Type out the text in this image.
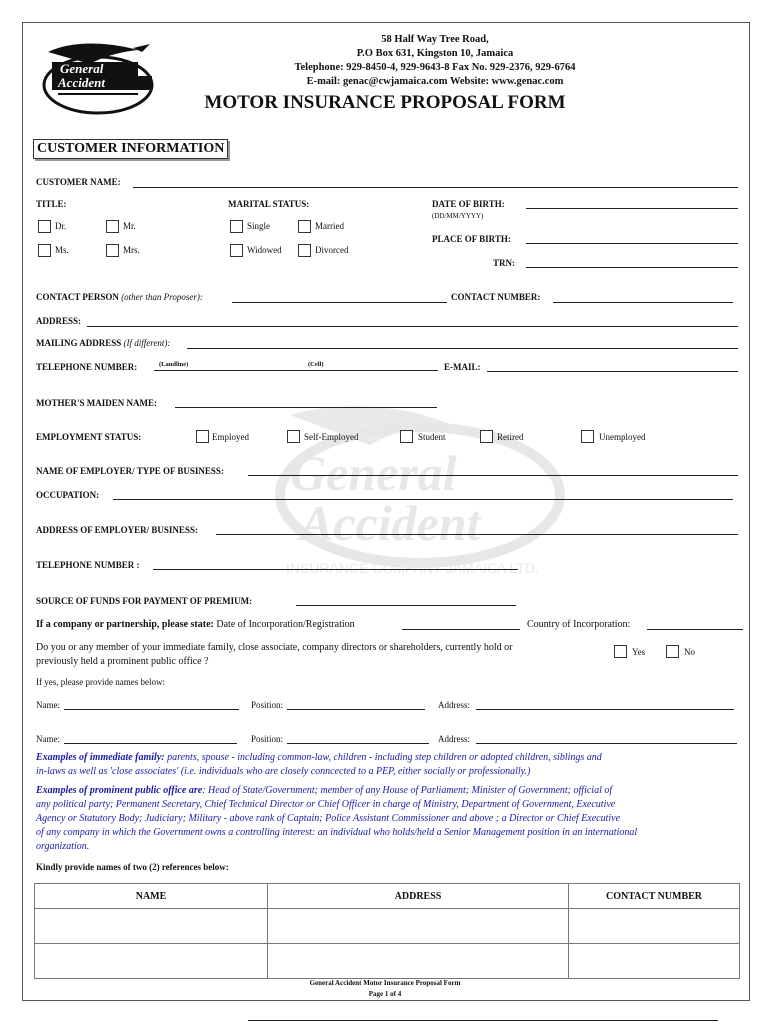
General
Accident
INSURANCE COMPANY JAMAICA LTD.
General
Accident
58 Half Way Tree Road,
P.O Box 631, Kingston 10, Jamaica
Telephone: 929-8450-4, 929-9643-8 Fax No. 929-2376, 929-6764
E-mail: genac@cwjamaica.com Website: www.genac.com
MOTOR INSURANCE PROPOSAL FORM
CUSTOMER INFORMATION
CUSTOMER NAME:
TITLE:	MARITAL STATUS:	DATE OF BIRTH:
(DD/MM/YYYY)
Dr.	Mr.
Ms.	Mrs.
Single	Married
Widowed	Divorced
PLACE OF BIRTH:
TRN:
CONTACT PERSON (other than Proposer):	CONTACT NUMBER:
ADDRESS:
MAILING ADDRESS (If different):
TELEPHONE NUMBER:	(Landline)	(Cell)	E-MAIL:
MOTHER'S MAIDEN NAME:
EMPLOYMENT STATUS:	Employed	Self-Employed	Student	Retired	Unemployed
NAME OF EMPLOYER/ TYPE OF BUSINESS:
OCCUPATION:
ADDRESS OF EMPLOYER/ BUSINESS:
TELEPHONE NUMBER :
SOURCE OF FUNDS FOR PAYMENT OF PREMIUM:
If a company or partnership, please state: Date of Incorporation/Registration	Country of Incorporation:
Do you or any member of your immediate family, close associate, company directors or shareholders, currently hold or
previously held a prominent public office ?
Yes	No
If yes, please provide names below:
Name:	Position:	Address:
Name:	Position:	Address:
Examples of immediate family: parents, spouse - including common-law, children - including step children or adopted children, siblings and
in-laws as well as 'close associates' (i.e. individuals who are closely conncected to a PEP, either socially or professionally.)
Examples of prominent public office are: Head of State/Government; member of any House of Parliament; Minister of Government; official of
any political party; Permanent Secretary, Chief Technical Director or Chief Officer in charge of Ministry, Department of Government, Executive
Agency or Statutory Body; Judiciary; Military - above rank of Captain; Police Assistant Commissioner and above ; a Director or Chief Executive
of any company in which the Government owns a controlling interest: an individual who holds/held a Senior Management position in an international
organization.
Kindly provide names of two (2) references below:
NAME	ADDRESS	CONTACT NUMBER

General Accident Motor Insurance Proposal Form
Page 1 of 4
